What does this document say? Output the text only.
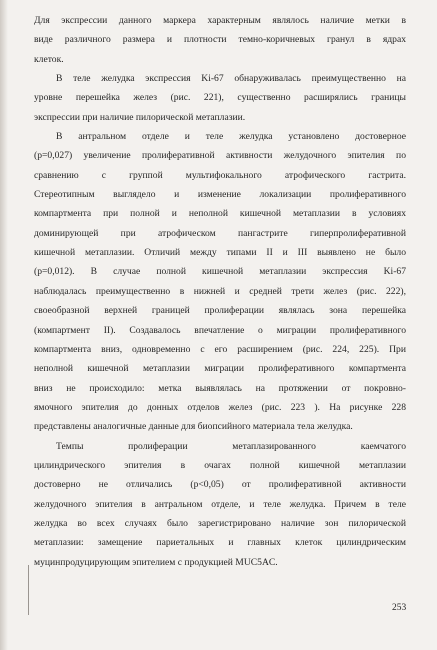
Для экспрессии данного маркера характерным являлось наличие метки в
виде различного размера и плотности темно-коричневых гранул в ядрах
клеток.
В теле желудка экспрессия Ki-67 обнаруживалась преимущественно на
уровне перешейка желез (рис. 221), существенно расширялись границы
экспрессии при наличие пилорической метаплазии.
В антральном отделе и теле желудка установлено достоверное
(p=0,027) увеличение пролиферативной активности желудочного эпителия по
сравнению с группой мультифокального атрофического гастрита.
Стереотипным выглядело и изменение локализации пролиферативного
компартмента при полной и неполной кишечной метаплазии в условиях
доминирующей при атрофическом пангастрите гиперпролиферативной
кишечной метаплазии. Отличий между типами II и III выявлено не было
(p=0,012). В случае полной кишечной метаплазии экспрессия Ki-67
наблюдалась преимущественно в нижней и средней трети желез (рис. 222),
своеобразной верхней границей пролиферации являлась зона перешейка
(компартмент II). Создавалось впечатление о миграции пролиферативного
компартмента вниз, одновременно с его расширением (рис. 224, 225). При
неполной кишечной метаплазии миграции пролиферативного компартмента
вниз не происходило: метка выявлялась на протяжении от покровно-
ямочного эпителия до донных отделов желез (рис. 223 ). На рисунке 228
представлены аналогичные данные для биопсийного материала тела желудка.
Темпы пролиферации метаплазированного каемчатого
цилиндрического эпителия в очагах полной кишечной метаплазии
достоверно не отличались (p<0,05) от пролиферативной активности
желудочного эпителия в антральном отделе, и теле желудка. Причем в теле
желудка во всех случаях было зарегистрировано наличие зон пилорической
метаплазии: замещение париетальных и главных клеток цилиндрическим
муцинпродуцирующим эпителием с продукцией MUC5AC.
253
